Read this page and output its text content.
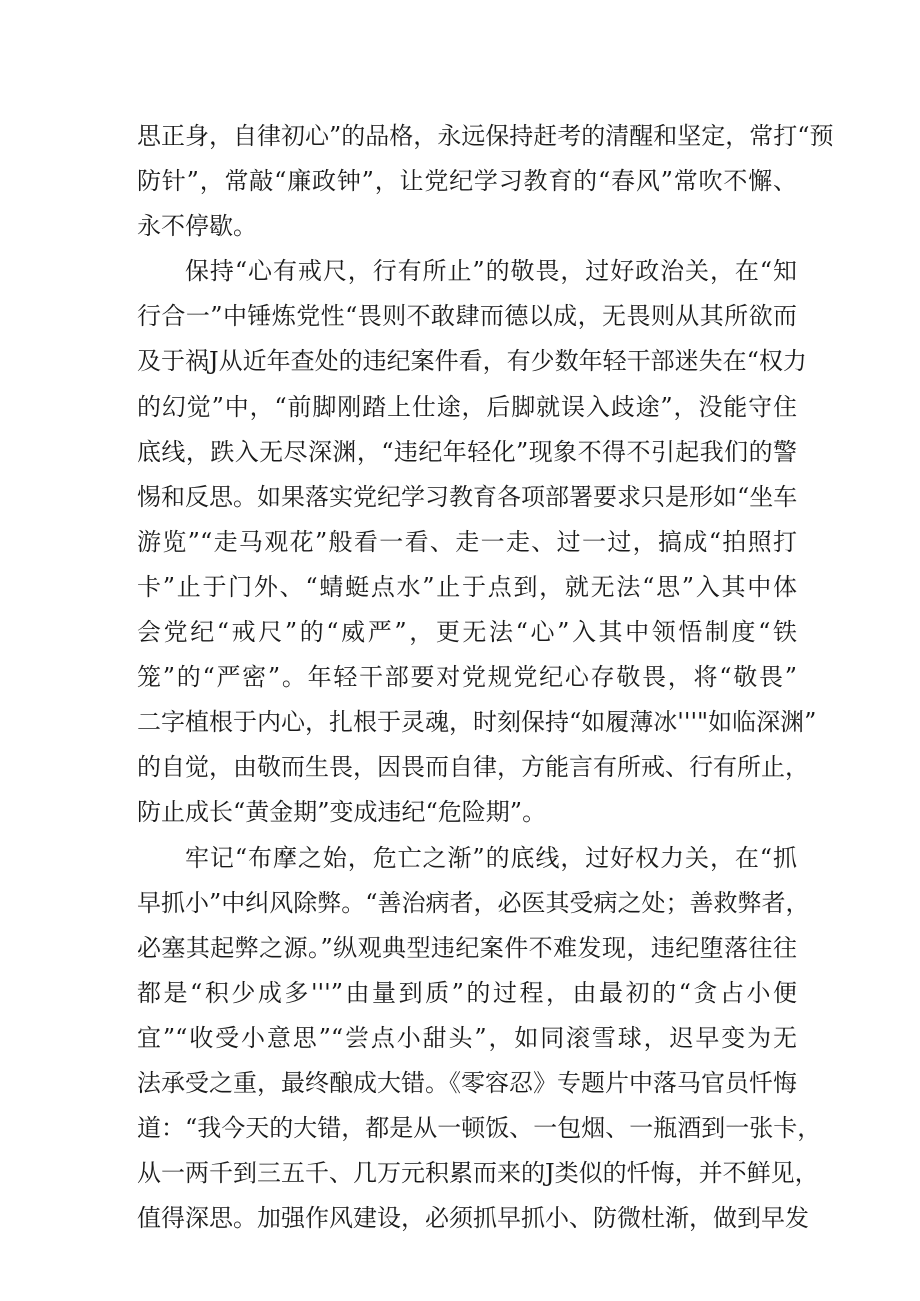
思正身，自律初心”的品格，永远保持赶考的清醒和坚定，常打“预
防针”，常敲“廉政钟”，让党纪学习教育的“春风”常吹不懈、
永不停歇。
保持“心有戒尺，行有所止”的敬畏，过好政治关，在“知
行合一”中锤炼党性“畏则不敢肆而德以成，无畏则从其所欲而
及于祸J从近年查处的违纪案件看，有少数年轻干部迷失在“权力
的幻觉”中，“前脚刚踏上仕途，后脚就误入歧途”，没能守住
底线，跌入无尽深渊，“违纪年轻化”现象不得不引起我们的警
惕和反思。如果落实党纪学习教育各项部署要求只是形如“坐车
游览”“走马观花”般看一看、走一走、过一过，搞成“拍照打
卡”止于门外、“蜻蜓点水”止于点到，就无法“思”入其中体
会党纪“戒尺”的“威严”，更无法“心”入其中领悟制度“铁
笼”的“严密”。年轻干部要对党规党纪心存敬畏，将“敬畏”
二字植根于内心，扎根于灵魂，时刻保持“如履薄冰'''"如临深渊”
的自觉，由敬而生畏，因畏而自律，方能言有所戒、行有所止，
防止成长“黄金期”变成违纪“危险期”。
牢记“布摩之始，危亡之渐”的底线，过好权力关，在“抓
早抓小”中纠风除弊。“善治病者，必医其受病之处；善救弊者，
必塞其起弊之源。”纵观典型违纪案件不难发现，违纪堕落往往
都是“积少成多'''”由量到质”的过程，由最初的“贪占小便
宜”“收受小意思”“尝点小甜头”，如同滚雪球，迟早变为无
法承受之重，最终酿成大错。《零容忍》专题片中落马官员忏悔
道：“我今天的大错，都是从一顿饭、一包烟、一瓶酒到一张卡，
从一两千到三五千、几万元积累而来的J类似的忏悔，并不鲜见，
值得深思。加强作风建设，必须抓早抓小、防微杜渐，做到早发
